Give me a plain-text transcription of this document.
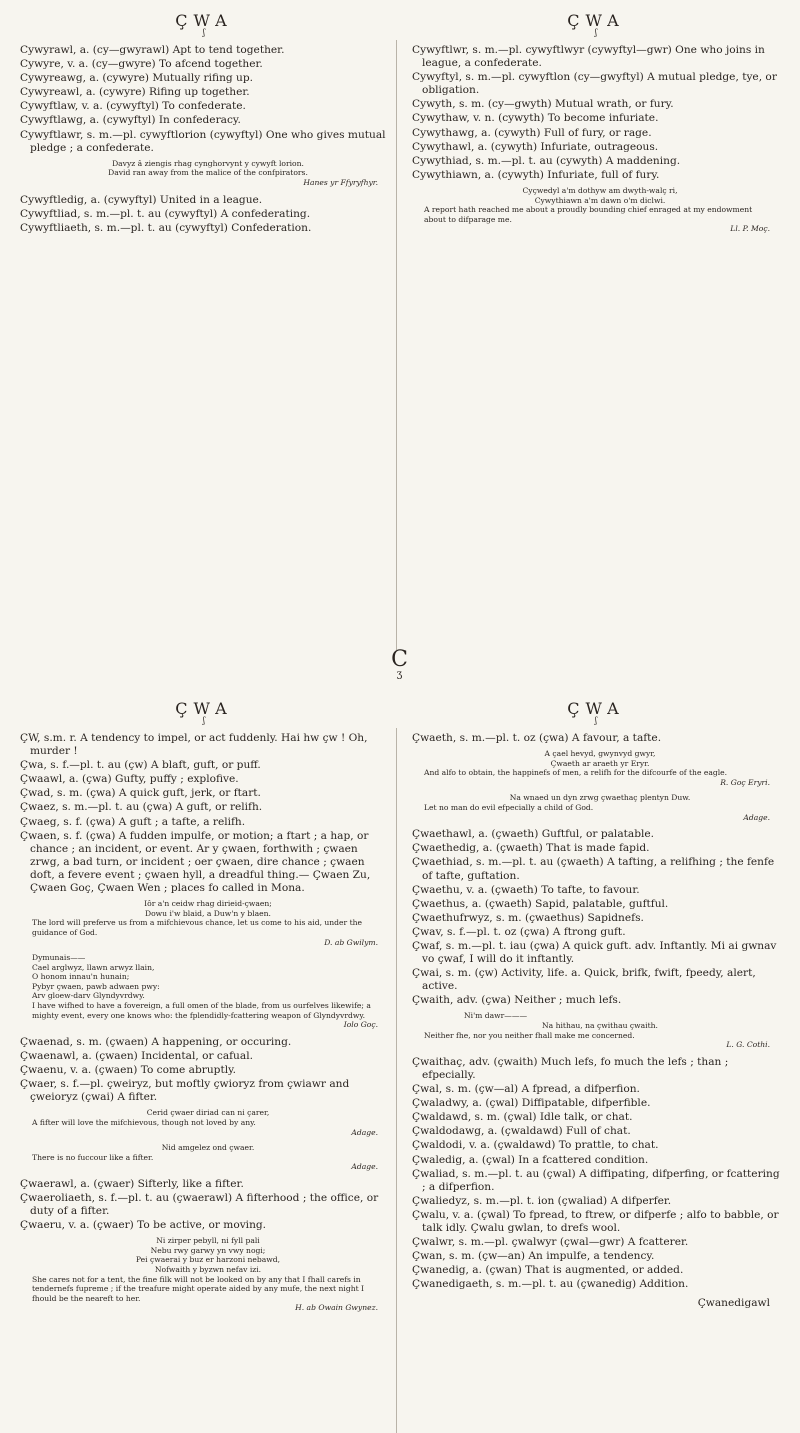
ÇWA
ʃ
Cywyrawl, a. (cy—gwyrawl) Apt to tend together.
Cywyre, v. a. (cy—gwyre) To afcend together.
Cywyreawg, a. (cywyre) Mutually rifing up.
Cywyreawl, a. (cywyre) Rifing up together.
Cywyftlaw, v. a. (cywyftyl) To confederate.
Cywyftlawg, a. (cywyftyl) In confederacy.
Cywyftlawr, s. m.—pl. cywyftlorion (cywyftyl) One who gives mutual pledge ; a confederate.
Davyz â ziengis rhag cynghorvynt y cywyft lorion.
David ran away from the malice of the confpirators.
Hanes yr Ffyryfhyr.
Cywyftledig, a. (cywyftyl) United in a league.
Cywyftliad, s. m.—pl. t. au (cywyftyl) A confederating.
Cywyftliaeth, s. m.—pl. t. au (cywyftyl) Confederation.
ÇWA
ʃ
Cywyftlwr, s. m.—pl. cywyftlwyr (cywyftyl—gwr) One who joins in league, a confederate.
Cywyftyl, s. m.—pl. cywyftlon (cy—gwyftyl) A mutual pledge, tye, or obligation.
Cywyth, s. m. (cy—gwyth) Mutual wrath, or fury.
Cywythaw, v. n. (cywyth) To become infuriate.
Cywythawg, a. (cywyth) Full of fury, or rage.
Cywythawl, a. (cywyth) Infuriate, outrageous.
Cywythiad, s. m.—pl. t. au (cywyth) A maddening.
Cywythiawn, a. (cywyth) Infuriate, full of fury.
Cyçwedyl a'm dothyw am dwyth-walç ri,
Cywythiawn a'm dawn o'm diclwi.
A report hath reached me about a proudly bounding chief enraged at my endowment about to difparage me.
Ll. P. Moç.
C
ʒ
ÇWA
ʃ
ÇW, s.m. r. A tendency to impel, or act fuddenly. Hai hw çw ! Oh, murder !
Çwa, s. f.—pl. t. au (çw) A blaft, guft, or puff.
Çwaawl, a. (çwa) Gufty, puffy ; explofive.
Çwad, s. m. (çwa) A quick guft, jerk, or ftart.
Çwaez, s. m.—pl. t. au (çwa) A guft, or relifh.
Çwaeg, s. f. (çwa) A guft ; a tafte, a relifh.
Çwaen, s. f. (çwa) A fudden impulfe, or motion; a ftart ; a hap, or chance ; an incident, or event. Ar y çwaen, forthwith ; çwaen zrwg, a bad turn, or incident ; oer çwaen, dire chance ; çwaen doft, a fevere event ; çwaen hyll, a dreadful thing.— Çwaen Zu, Çwaen Goç, Çwaen Wen ; places fo called in Mona.
Iôr a'n ceidw rhag dirieid-çwaen;
Dowu i'w blaid, a Duw'n y blaen.
The lord will preferve us from a mifchievous chance, let us come to his aid, under the guidance of God.
D. ab Gwilym.
Dymunais——
Cael arglwyz, llawn arwyz llain,
O honom innau'n hunain;
Pybyr çwaen, pawb adwaen pwy:
Arv gloew-darv Glyndyvrdwy.
I have wifhed to have a fovereign, a full omen of the blade, from us ourfelves likewife; a mighty event, every one knows who: the fplendidly-fcattering weapon of Glyndyvrdwy.
Iolo Goç.
Çwaenad, s. m. (çwaen) A happening, or occuring.
Çwaenawl, a. (çwaen) Incidental, or cafual.
Çwaenu, v. a. (çwaen) To come abruptly.
Çwaer, s. f.—pl. çweiryz, but moftly çwioryz from çwiawr and çweioryz (çwai) A fifter.
Cerid çwaer diriad can ni çarer,
A fifter will love the mifchievous, though not loved by any.
Adage.
Nid amgelez ond çwaer.
There is no fuccour like a fifter.
Adage.
Çwaerawl, a. (çwaer) Sifterly, like a fifter.
Çwaeroliaeth, s. f.—pl. t. au (çwaerawl) A fifterhood ; the office, or duty of a fifter.
Çwaeru, v. a. (çwaer) To be active, or moving.
Ni zirper pebyll, ni fyll pali
Nebu rwy garwy yn vwy nogi;
Pei çwaerai y buz er harzoni nebawd,
Nofwaith y byzwn nefav izi.
She cares not for a tent, the fine filk will not be looked on by any that I fhall carefs in tendernefs fupreme ; if the treafure might operate aided by any mufe, the next night I fhould be the neareft to her.
H. ab Owain Gwynez.
ÇWA
ʃ
Çwaeth, s. m.—pl. t. oz (çwa) A favour, a tafte.
A çael hevyd, gwynvyd gwyr,
Çwaeth ar araeth yr Eryr.
And alfo to obtain, the happinefs of men, a relifh for the difcourfe of the eagle.
R. Goç Eryri.
Na wnaed un dyn zrwg çwaethaç plentyn Duw.
Let no man do evil efpecially a child of God.
Adage.
Çwaethawl, a. (çwaeth) Guftful, or palatable.
Çwaethedig, a. (çwaeth) That is made fapid.
Çwaethiad, s. m.—pl. t. au (çwaeth) A tafting, a relifhing ; the fenfe of tafte, guftation.
Çwaethu, v. a. (çwaeth) To tafte, to favour.
Çwaethus, a. (çwaeth) Sapid, palatable, guftful.
Çwaethufrwyz, s. m. (çwaethus) Sapidnefs.
Çwav, s. f.—pl. t. oz (çwa) A ftrong guft.
Çwaf, s. m.—pl. t. iau (çwa) A quick guft. adv. Inftantly. Mi ai gwnav vo çwaf, I will do it inftantly.
Çwai, s. m. (çw) Activity, life. a. Quick, brifk, fwift, fpeedy, alert, active.
Çwaith, adv. (çwa) Neither ; much lefs.
Ni'm dawr———
Na hithau, na çwithau çwaith.
Neither fhe, nor you neither fhall make me concerned.
L. G. Cothi.
Çwaithaç, adv. (çwaith) Much lefs, fo much the lefs ; than ; efpecially.
Çwal, s. m. (çw—al) A fpread, a difperfion.
Çwaladwy, a. (çwal) Diffipatable, difperfible.
Çwaldawd, s. m. (çwal) Idle talk, or chat.
Çwaldodawg, a. (çwaldawd) Full of chat.
Çwaldodi, v. a. (çwaldawd) To prattle, to chat.
Çwaledig, a. (çwal) In a fcattered condition.
Çwaliad, s. m.—pl. t. au (çwal) A diffipating, difperfing, or fcattering ; a difperfion.
Çwaliedyz, s. m.—pl. t. ion (çwaliad) A difperfer.
Çwalu, v. a. (çwal) To fpread, to ftrew, or difperfe ; alfo to babble, or talk idly. Çwalu gwlan, to drefs wool.
Çwalwr, s. m.—pl. çwalwyr (çwal—gwr) A fcatterer.
Çwan, s. m. (çw—an) An impulfe, a tendency.
Çwanedig, a. (çwan) That is augmented, or added.
Çwanedigaeth, s. m.—pl. t. au (çwanedig) Addition.
Çwanedigawl
